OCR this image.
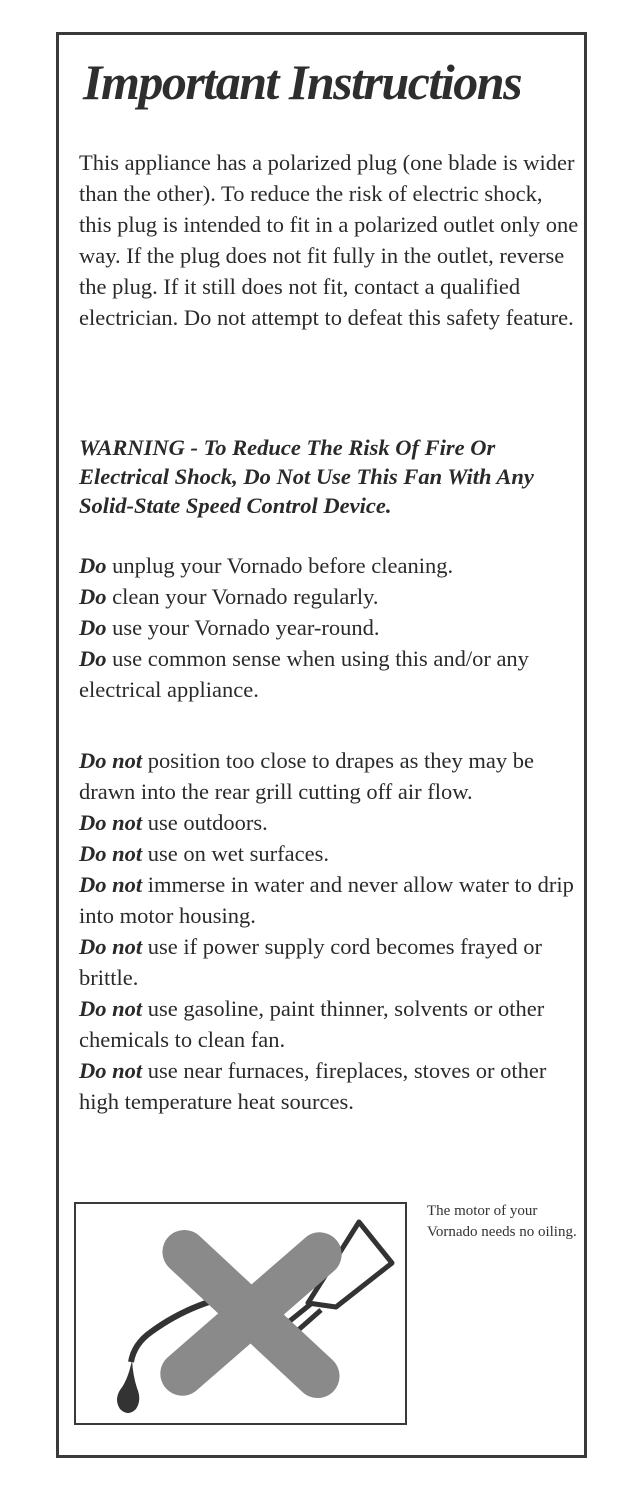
Important Instructions

This appliance has a polarized plug (one blade is wider than the other). To reduce the risk of electric shock, this plug is intended to fit in a polarized outlet only one way. If the plug does not fit fully in the outlet, reverse the plug. If it still does not fit, contact a qualified electrician. Do not attempt to defeat this safety feature.

WARNING - To Reduce The Risk Of Fire Or Electrical Shock, Do Not Use This Fan With Any Solid-State Speed Control Device.

Do unplug your Vornado before cleaning.
Do clean your Vornado regularly.
Do use your Vornado year-round.
Do use common sense when using this and/or any electrical appliance.
Do not position too close to drapes as they may be drawn into the rear grill cutting off air flow.
Do not use outdoors.
Do not use on wet surfaces.
Do not immerse in water and never allow water to drip into motor housing.
Do not use if power supply cord becomes frayed or brittle.
Do not use gasoline, paint thinner, solvents or other chemicals to clean fan.
Do not use near furnaces, fireplaces, stoves or other high temperature heat sources.

The motor of your Vornado needs no oiling.
